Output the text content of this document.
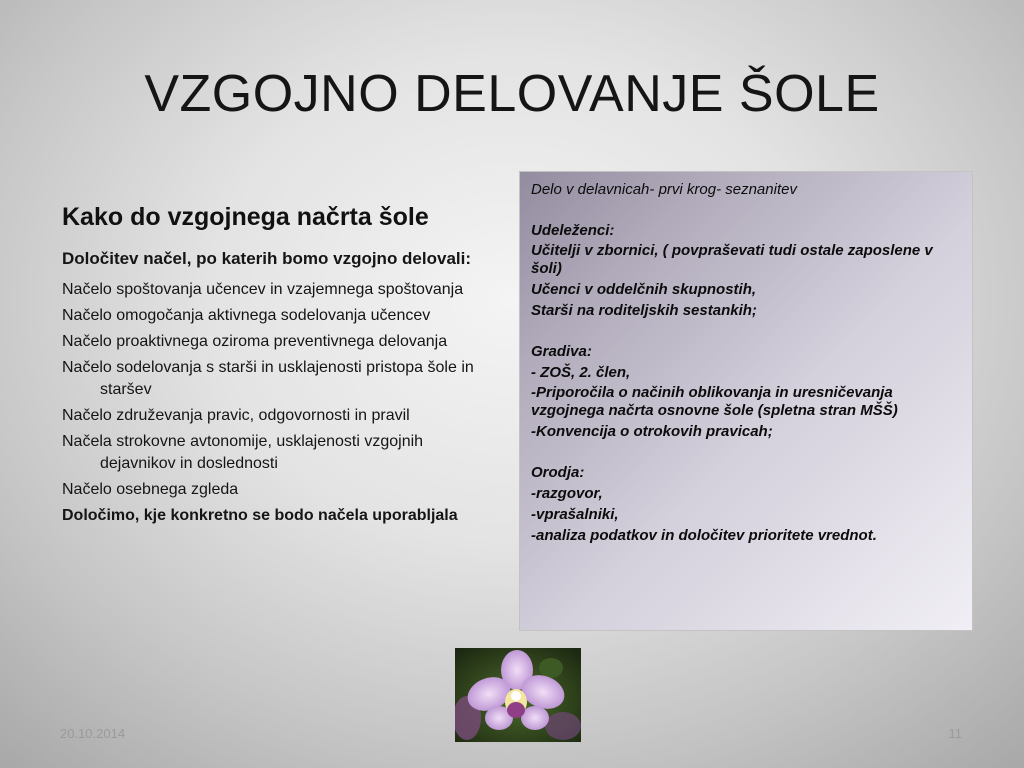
VZGOJNO DELOVANJE ŠOLE
Kako do vzgojnega načrta šole
Določitev načel, po katerih bomo vzgojno delovali:
Načelo spoštovanja učencev in vzajemnega spoštovanja
Načelo omogočanja aktivnega sodelovanja učencev
Načelo proaktivnega oziroma preventivnega delovanja
Načelo sodelovanja s starši in usklajenosti pristopa šole in staršev
Načelo združevanja pravic, odgovornosti in pravil
Načela strokovne avtonomije, usklajenosti vzgojnih dejavnikov in doslednosti
Načelo osebnega zgleda
Določimo, kje konkretno se bodo načela uporabljala

Delo v delavnicah- prvi krog- seznanitev

Udeleženci:

Učitelji v zbornici, ( povpraševati tudi ostale zaposlene v šoli)

Učenci v oddelčnih skupnostih,

Starši na roditeljskih sestankih;

Gradiva:

- ZOŠ, 2. člen,

-Priporočila o načinih oblikovanja in uresničevanja vzgojnega načrta osnovne šole (spletna stran MŠŠ)

-Konvencija o otrokovih pravicah;

Orodja:

-razgovor,

-vprašalniki,

-analiza podatkov in določitev prioritete vrednot.

20.10.2014	11
